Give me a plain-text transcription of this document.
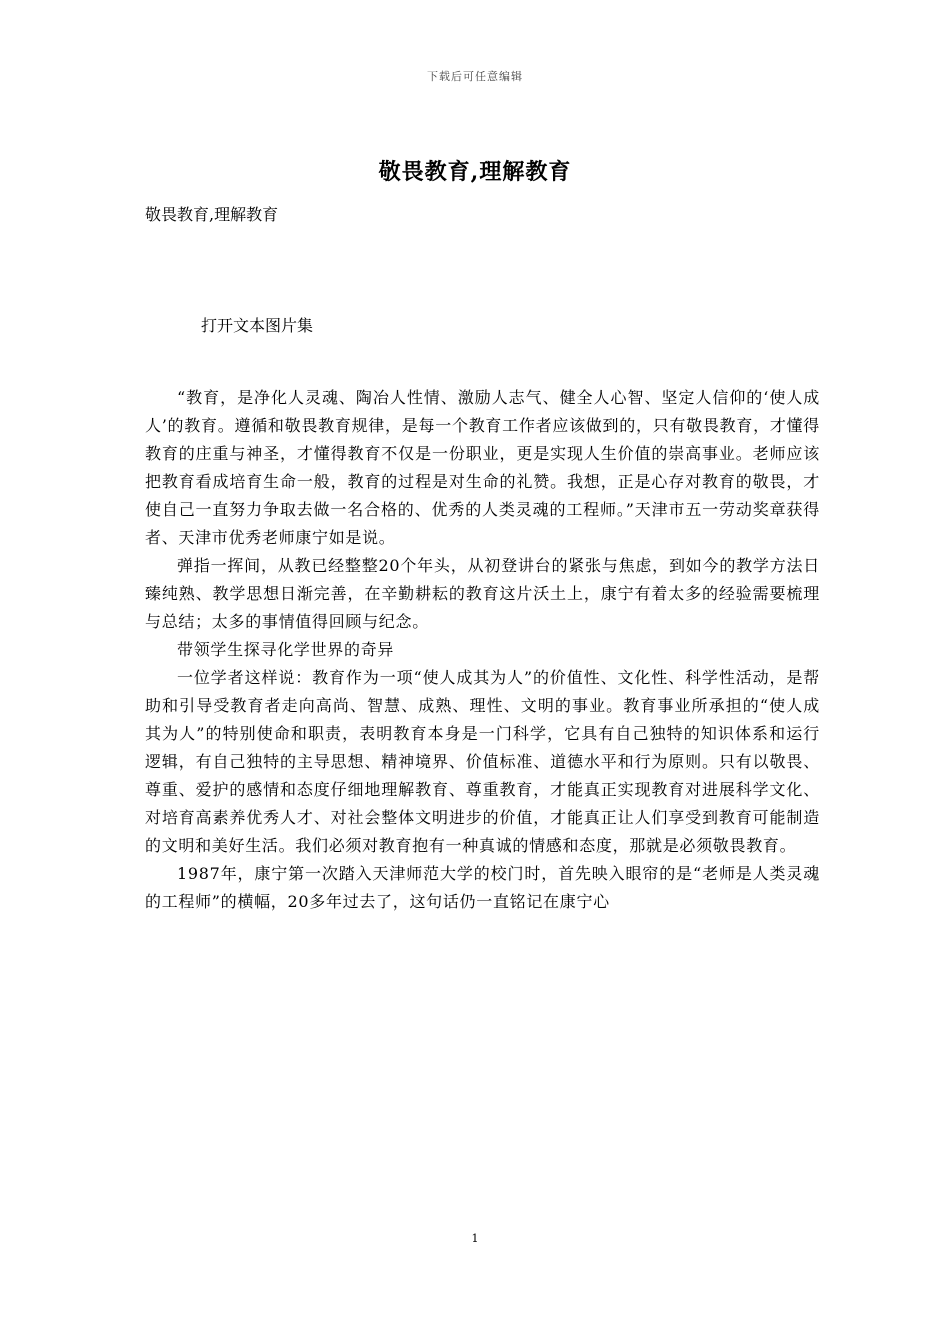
下载后可任意编辑
敬畏教育,理解教育
敬畏教育,理解教育
打开文本图片集

“教育，是净化人灵魂、陶冶人性情、激励人志气、健全人心智、坚定人信仰的‘使人成人’的教育。遵循和敬畏教育规律，是每一个教育工作者应该做到的，只有敬畏教育，才懂得教育的庄重与神圣，才懂得教育不仅是一份职业，更是实现人生价值的崇高事业。老师应该把教育看成培育生命一般，教育的过程是对生命的礼赞。我想，正是心存对教育的敬畏，才使自己一直努力争取去做一名合格的、优秀的人类灵魂的工程师。”天津市五一劳动奖章获得者、天津市优秀老师康宁如是说。

弹指一挥间，从教已经整整20个年头，从初登讲台的紧张与焦虑，到如今的教学方法日臻纯熟、教学思想日渐完善，在辛勤耕耘的教育这片沃土上，康宁有着太多的经验需要梳理与总结；太多的事情值得回顾与纪念。

带领学生探寻化学世界的奇异

一位学者这样说：教育作为一项“使人成其为人”的价值性、文化性、科学性活动，是帮助和引导受教育者走向高尚、智慧、成熟、理性、文明的事业。教育事业所承担的“使人成其为人”的特别使命和职责，表明教育本身是一门科学，它具有自己独特的知识体系和运行逻辑，有自己独特的主导思想、精神境界、价值标准、道德水平和行为原则。只有以敬畏、尊重、爱护的感情和态度仔细地理解教育、尊重教育，才能真正实现教育对进展科学文化、对培育高素养优秀人才、对社会整体文明进步的价值，才能真正让人们享受到教育可能制造的文明和美好生活。我们必须对教育抱有一种真诚的情感和态度，那就是必须敬畏教育。

1987年，康宁第一次踏入天津师范大学的校门时，首先映入眼帘的是“老师是人类灵魂的工程师”的横幅，20多年过去了，这句话仍一直铭记在康宁心

1
